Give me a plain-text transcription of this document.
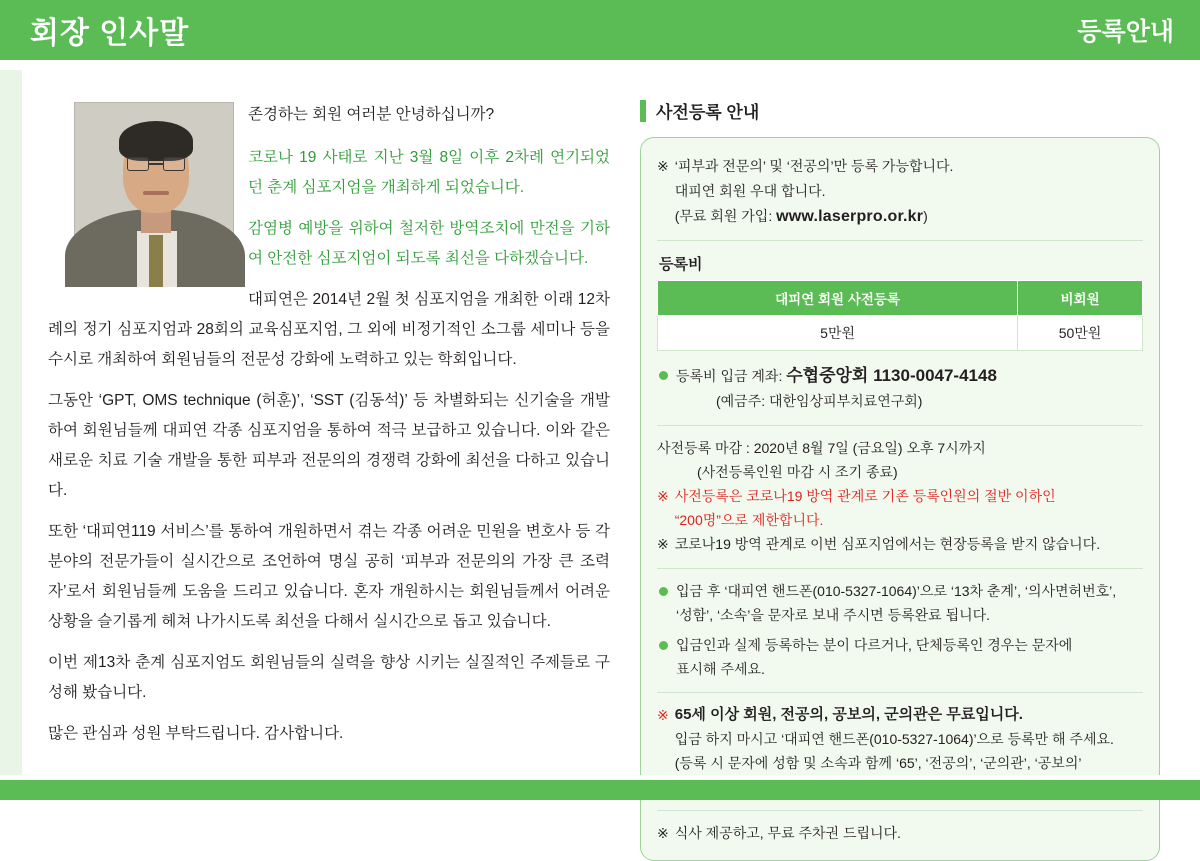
회장 인사말	등록안내

존경하는 회원 여러분 안녕하십니까?

코로나 19 사태로 지난 3월 8일 이후 2차례 연기되었던 춘계 심포지엄을 개최하게 되었습니다.

감염병 예방을 위하여 철저한 방역조치에 만전을 기하여 안전한 심포지엄이 되도록 최선을 다하겠습니다.

대피연은 2014년 2월 첫 심포지엄을 개최한 이래 12차례의 정기 심포지엄과 28회의 교육심포지엄, 그 외에 비정기적인 소그룹 세미나 등을 수시로 개최하여 회원님들의 전문성 강화에 노력하고 있는 학회입니다.

그동안 ‘GPT, OMS technique (허훈)’, ‘SST (김동석)’ 등 차별화되는 신기술을 개발하여 회원님들께 대피연 각종 심포지엄을 통하여 적극 보급하고 있습니다. 이와 같은 새로운 치료 기술 개발을 통한 피부과 전문의의 경쟁력 강화에 최선을 다하고 있습니다.

또한 ‘대피연119 서비스’를 통하여 개원하면서 겪는 각종 어려운 민원을 변호사 등 각 분야의 전문가들이 실시간으로 조언하여 명실 공히 ‘피부과 전문의의 가장 큰 조력자’로서 회원님들께 도움을 드리고 있습니다. 혼자 개원하시는 회원님들께서 어려운 상황을 슬기롭게 헤쳐 나가시도록 최선을 다해서 실시간으로 돕고 있습니다.

이번 제13차 춘계 심포지엄도 회원님들의 실력을 향상 시키는 실질적인 주제들로 구성해 봤습니다.

많은 관심과 성원 부탁드립니다. 감사합니다.

사전등록 안내
※ ‘피부과 전문의’ 및 ‘전공의’만 등록 가능합니다.
대피연 회원 우대 합니다.
(무료 회원 가입: www.laserpro.or.kr)
등록비
대피연 회원 사전등록	비회원
5만원	50만원
등록비 입금 계좌: 수협중앙회 1130-0047-4148
(예금주: 대한임상피부치료연구회)
사전등록 마감 : 2020년 8월 7일 (금요일) 오후 7시까지
(사전등록인원 마감 시 조기 종료)
※ 사전등록은 코로나19 방역 관계로 기존 등록인원의 절반 이하인
“200명”으로 제한합니다.
※ 코로나19 방역 관계로 이번 심포지엄에서는 현장등록을 받지 않습니다.
입금 후 ‘대피연 핸드폰(010-5327-1064)’으로 ‘13차 춘계’, ‘의사면허번호’,
‘성함’, ‘소속’을 문자로 보내 주시면 등록완료 됩니다.
입금인과 실제 등록하는 분이 다르거나, 단체등록인 경우는 문자에
표시해 주세요.
※ 65세 이상 회원, 전공의, 공보의, 군의관은 무료입니다.
입금 하지 마시고 ‘대피연 핸드폰(010-5327-1064)’으로 등록만 해 주세요.
(등록 시 문자에 성함 및 소속과 함께 ‘65’, ‘전공의’, ‘군의관’, ‘공보의’
※ 식사 제공하고, 무료 주차권 드립니다.
